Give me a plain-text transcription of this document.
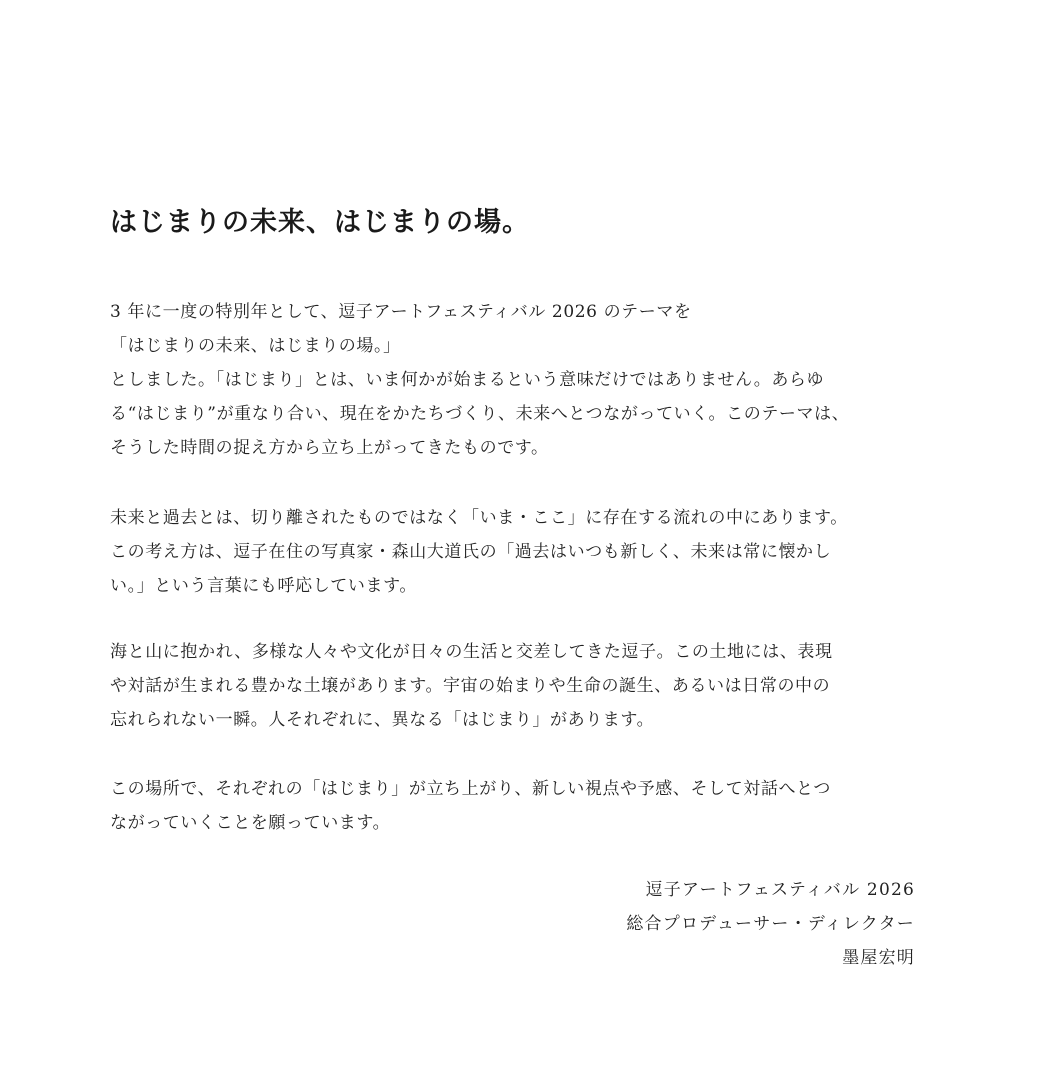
はじまりの未来、はじまりの場。

3 年に一度の特別年として、逗子アートフェスティバル 2026 のテーマを
「はじまりの未来、はじまりの場。」
としました。「はじまり」とは、いま何かが始まるという意味だけではありません。あらゆ
る“はじまり”が重なり合い、現在をかたちづくり、未来へとつながっていく。このテーマは、
そうした時間の捉え方から立ち上がってきたものです。

未来と過去とは、切り離されたものではなく「いま・ここ」に存在する流れの中にあります。
この考え方は、逗子在住の写真家・森山大道氏の「過去はいつも新しく、未来は常に懐かし
い。」という言葉にも呼応しています。

海と山に抱かれ、多様な人々や文化が日々の生活と交差してきた逗子。この土地には、表現
や対話が生まれる豊かな土壌があります。宇宙の始まりや生命の誕生、あるいは日常の中の
忘れられない一瞬。人それぞれに、異なる「はじまり」があります。

この場所で、それぞれの「はじまり」が立ち上がり、新しい視点や予感、そして対話へとつ
ながっていくことを願っています。

逗子アートフェスティバル 2026
総合プロデューサー・ディレクター
墨屋宏明
